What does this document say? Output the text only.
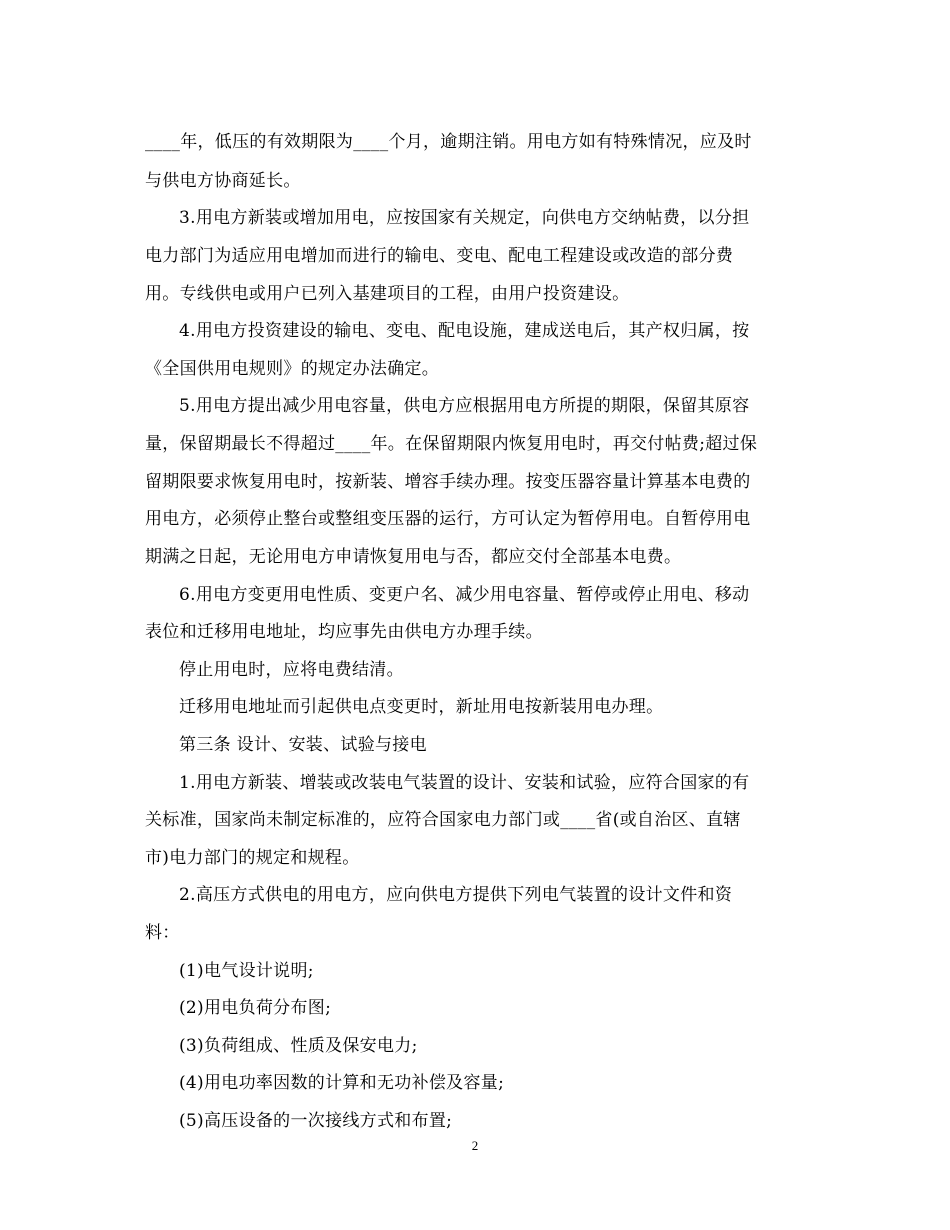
____年，低压的有效期限为____个月，逾期注销。用电方如有特殊情况，应及时
与供电方协商延长。
3.用电方新装或增加用电，应按国家有关规定，向供电方交纳帖费，以分担
电力部门为适应用电增加而进行的输电、变电、配电工程建设或改造的部分费
用。专线供电或用户已列入基建项目的工程，由用户投资建设。
4.用电方投资建设的输电、变电、配电设施，建成送电后，其产权归属，按
《全国供用电规则》的规定办法确定。
5.用电方提出减少用电容量，供电方应根据用电方所提的期限，保留其原容
量，保留期最长不得超过____年。在保留期限内恢复用电时，再交付帖费;超过保
留期限要求恢复用电时，按新装、增容手续办理。按变压器容量计算基本电费的
用电方，必须停止整台或整组变压器的运行，方可认定为暂停用电。自暂停用电
期满之日起，无论用电方申请恢复用电与否，都应交付全部基本电费。
6.用电方变更用电性质、变更户名、减少用电容量、暂停或停止用电、移动
表位和迁移用电地址，均应事先由供电方办理手续。
停止用电时，应将电费结清。
迁移用电地址而引起供电点变更时，新址用电按新装用电办理。
第三条 设计、安装、试验与接电
1.用电方新装、增装或改装电气装置的设计、安装和试验，应符合国家的有
关标准，国家尚未制定标准的，应符合国家电力部门或____省(或自治区、直辖
市)电力部门的规定和规程。
2.高压方式供电的用电方，应向供电方提供下列电气装置的设计文件和资
料：
(1)电气设计说明;
(2)用电负荷分布图;
(3)负荷组成、性质及保安电力;
(4)用电功率因数的计算和无功补偿及容量;
(5)高压设备的一次接线方式和布置;
2
